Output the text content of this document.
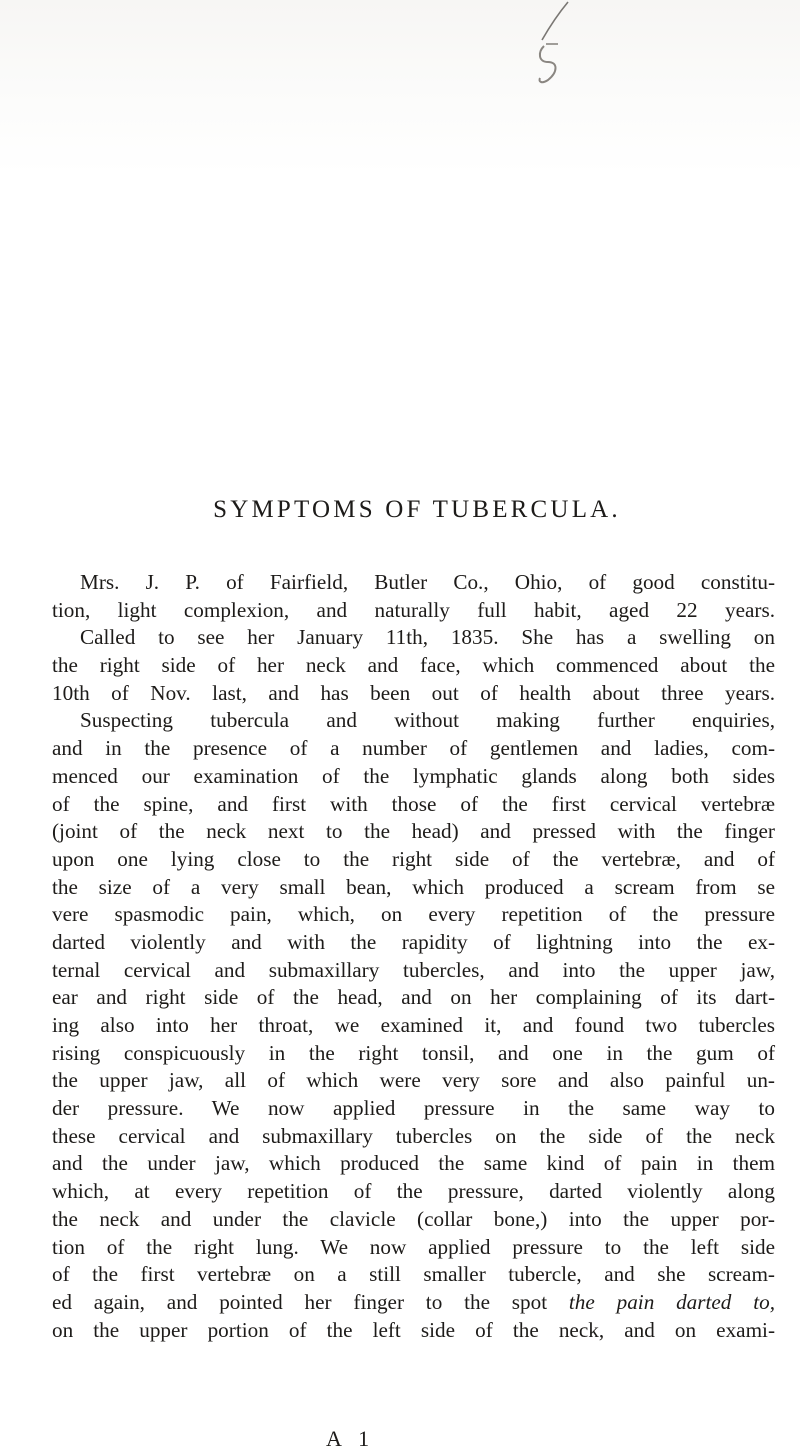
SYMPTOMS OF TUBERCULA.
Mrs. J. P. of Fairfield, Butler Co., Ohio, of good constitu-
tion, light complexion, and naturally full habit, aged 22 years.
Called to see her January 11th, 1835. She has a swelling on
the right side of her neck and face, which commenced about the
10th of Nov. last, and has been out of health about three years.
Suspecting tubercula and without making further enquiries,
and in the presence of a number of gentlemen and ladies, com-
menced our examination of the lymphatic glands along both sides
of the spine, and first with those of the first cervical vertebræ
(joint of the neck next to the head) and pressed with the finger
upon one lying close to the right side of the vertebræ, and of
the size of a very small bean, which produced a scream from se
vere spasmodic pain, which, on every repetition of the pressure
darted violently and with the rapidity of lightning into the ex-
ternal cervical and submaxillary tubercles, and into the upper jaw,
ear and right side of the head, and on her complaining of its dart-
ing also into her throat, we examined it, and found two tubercles
rising conspicuously in the right tonsil, and one in the gum of
the upper jaw, all of which were very sore and also painful un-
der pressure. We now applied pressure in the same way to
these cervical and submaxillary tubercles on the side of the neck
and the under jaw, which produced the same kind of pain in them
which, at every repetition of the pressure, darted violently along
the neck and under the clavicle (collar bone,) into the upper por-
tion of the right lung. We now applied pressure to the left side
of the first vertebræ on a still smaller tubercle, and she scream-
ed again, and pointed her finger to the spot the pain darted to,
on the upper portion of the left side of the neck, and on exami-

A 1
